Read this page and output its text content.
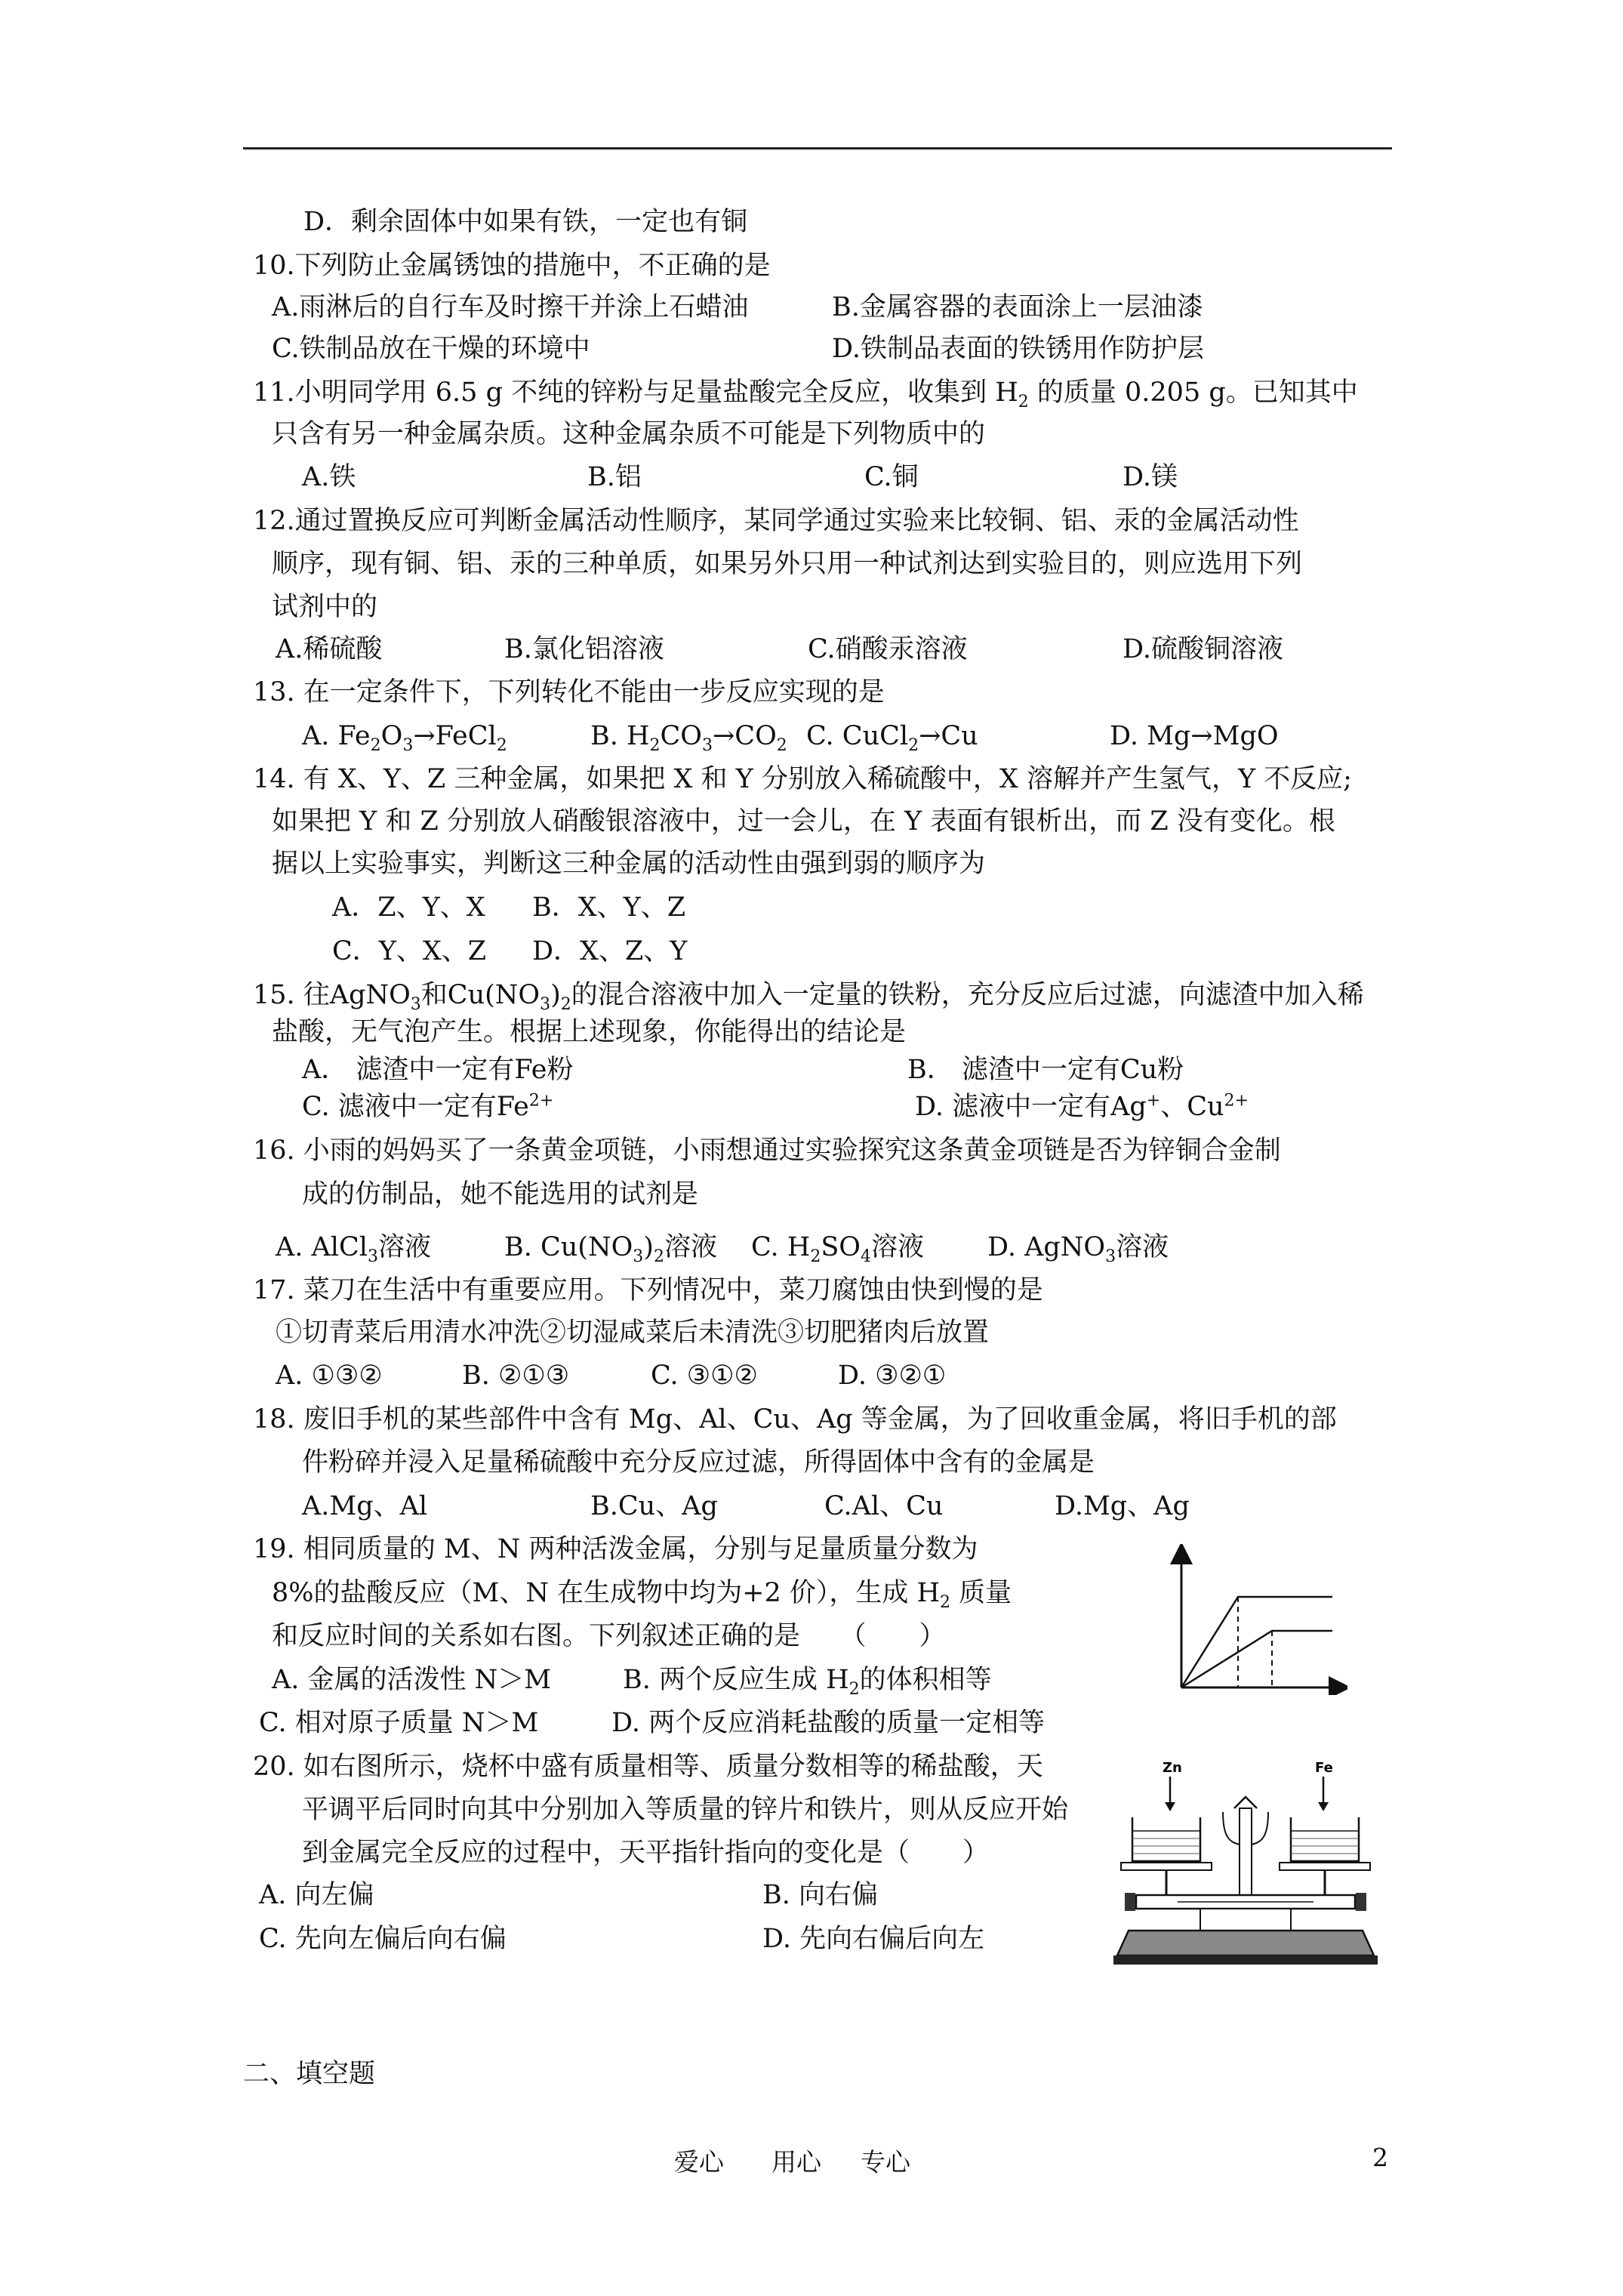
D．剩余固体中如果有铁，一定也有铜
10.下列防止金属锈蚀的措施中，不正确的是
A.雨淋后的自行车及时擦干并涂上石蜡油	B.金属容器的表面涂上一层油漆
C.铁制品放在干燥的环境中	D.铁制品表面的铁锈用作防护层
11.小明同学用 6.5 g 不纯的锌粉与足量盐酸完全反应，收集到 $H_2$ 的质量 0.205 g。已知其中
只含有另一种金属杂质。这种金属杂质不可能是下列物质中的
A.铁	B.铝	C.铜	D.镁
12.通过置换反应可判断金属活动性顺序，某同学通过实验来比较铜、铝、汞的金属活动性
顺序，现有铜、铝、汞的三种单质，如果另外只用一种试剂达到实验目的，则应选用下列
试剂中的
A.稀硫酸	B.氯化铝溶液	C.硝酸汞溶液	D.硫酸铜溶液
13. 在一定条件下，下列转化不能由一步反应实现的是
A. $Fe_2O_3\to FeCl_2$	B. $H_2CO_3\to CO_2$ C. CuCl$_2$→Cu	D. Mg→MgO
14. 有 X、Y、Z 三种金属，如果把 X 和 Y 分别放入稀硫酸中，X 溶解并产生氢气，Y 不反应;
如果把 Y 和 Z 分别放人硝酸银溶液中，过一会儿，在 Y 表面有银析出，而 Z 没有变化。根
据以上实验事实，判断这三种金属的活动性由强到弱的顺序为
A．Z、Y、X B．X、Y、Z
C．Y、X、Z D．X、Z、Y
15. 往AgNO$_3$和$Cu(NO_3)_2$的混合溶液中加入一定量的铁粉，充分反应后过滤，向滤渣中加入稀
盐酸，无气泡产生。根据上述现象，你能得出的结论是
A． 滤渣中一定有Fe粉	B． 滤渣中一定有Cu粉
C. 滤液中一定有$Fe^{2+}$	D. 滤液中一定有Ag+、$Cu^{2+}$
16. 小雨的妈妈买了一条黄金项链，小雨想通过实验探究这条黄金项链是否为锌铜合金制
成的仿制品，她不能选用的试剂是
A. AlCl$_3$溶液	B. $Cu(NO_3)_2$溶液 C. $H_2SO_4$溶液 D. AgNO$_3$溶液
17. 菜刀在生活中有重要应用。下列情况中，菜刀腐蚀由快到慢的是
①切青菜后用清水冲洗②切湿咸菜后未清洗③切肥猪肉后放置
A. ①③②	B. ②①③	C. ③①②	D. ③②①
18. 废旧手机的某些部件中含有 Mg、Al、Cu、Ag 等金属，为了回收重金属，将旧手机的部
件粉碎并浸入足量稀硫酸中充分反应过滤，所得固体中含有的金属是
A.Mg、Al	B.Cu、Ag	C.Al、Cu	D.Mg、Ag
19. 相同质量的 M、N 两种活泼金属，分别与足量质量分数为
8%的盐酸反应（M、N 在生成物中均为+2 价），生成 $H_2$ 质量
和反应时间的关系如右图。下列叙述正确的是　　（　　）
A. 金属的活泼性 N＞M	B. 两个反应生成 $H_2$的体积相等
C. 相对原子质量 N＞M	D. 两个反应消耗盐酸的质量一定相等
20. 如右图所示，烧杯中盛有质量相等、质量分数相等的稀盐酸，天
平调平后同时向其中分别加入等质量的锌片和铁片，则从反应开始
到金属完全反应的过程中，天平指针指向的变化是（　　）
A. 向左偏	B. 向右偏
C. 先向左偏后向右偏	D. 先向右偏后向左
Zn	Fe
二、填空题
爱心 用心 专心	2
